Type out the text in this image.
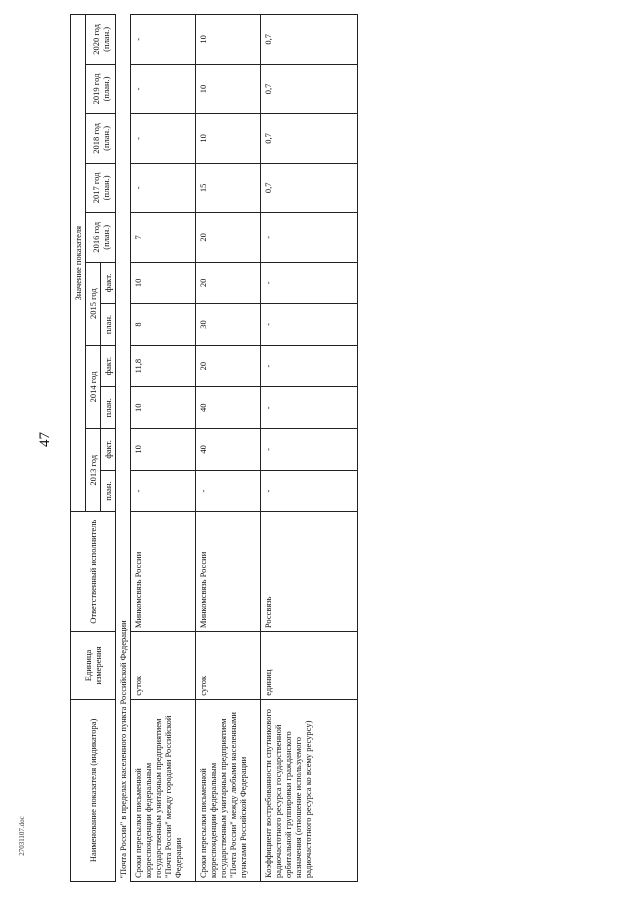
47
27031107.doc	Наименование показателя (индикатора)	Единица измерения	Ответственный исполнитель	Значение показателя										
			2013 год		2014 год		2015 год		2016 год (план.)	2017 год (план.)	2018 год (план.)	2019 год (план.)	2020 год (план.)
			план.	факт.	план.	факт.	план.	факт.					
"Почта России" в пределах населенного пункта Российской Федерации													
Сроки пересылки письменной корреспонденции федеральным государственным унитарным предприятием "Почта России" между городами Российской Федерации	суток	Минкомсвязь России	-	10	10	11,8	8	10	7	-	-	-	-
Сроки пересылки письменной корреспонденции федеральным государственным унитарным предприятием "Почта России" между любыми населенными пунктами Российской Федерации	суток	Минкомсвязь России	-	40	40	20	30	20	20	15	10	10	10
Коэффициент востребованности спутникового радиочастотного ресурса государственной орбитальной группировки гражданского назначения (отношение используемого радиочастотного ресурса ко всему ресурсу)	единиц	Россвязь	-	-	-	-	-	-	-	0,7	0,7	0,7	0,7
